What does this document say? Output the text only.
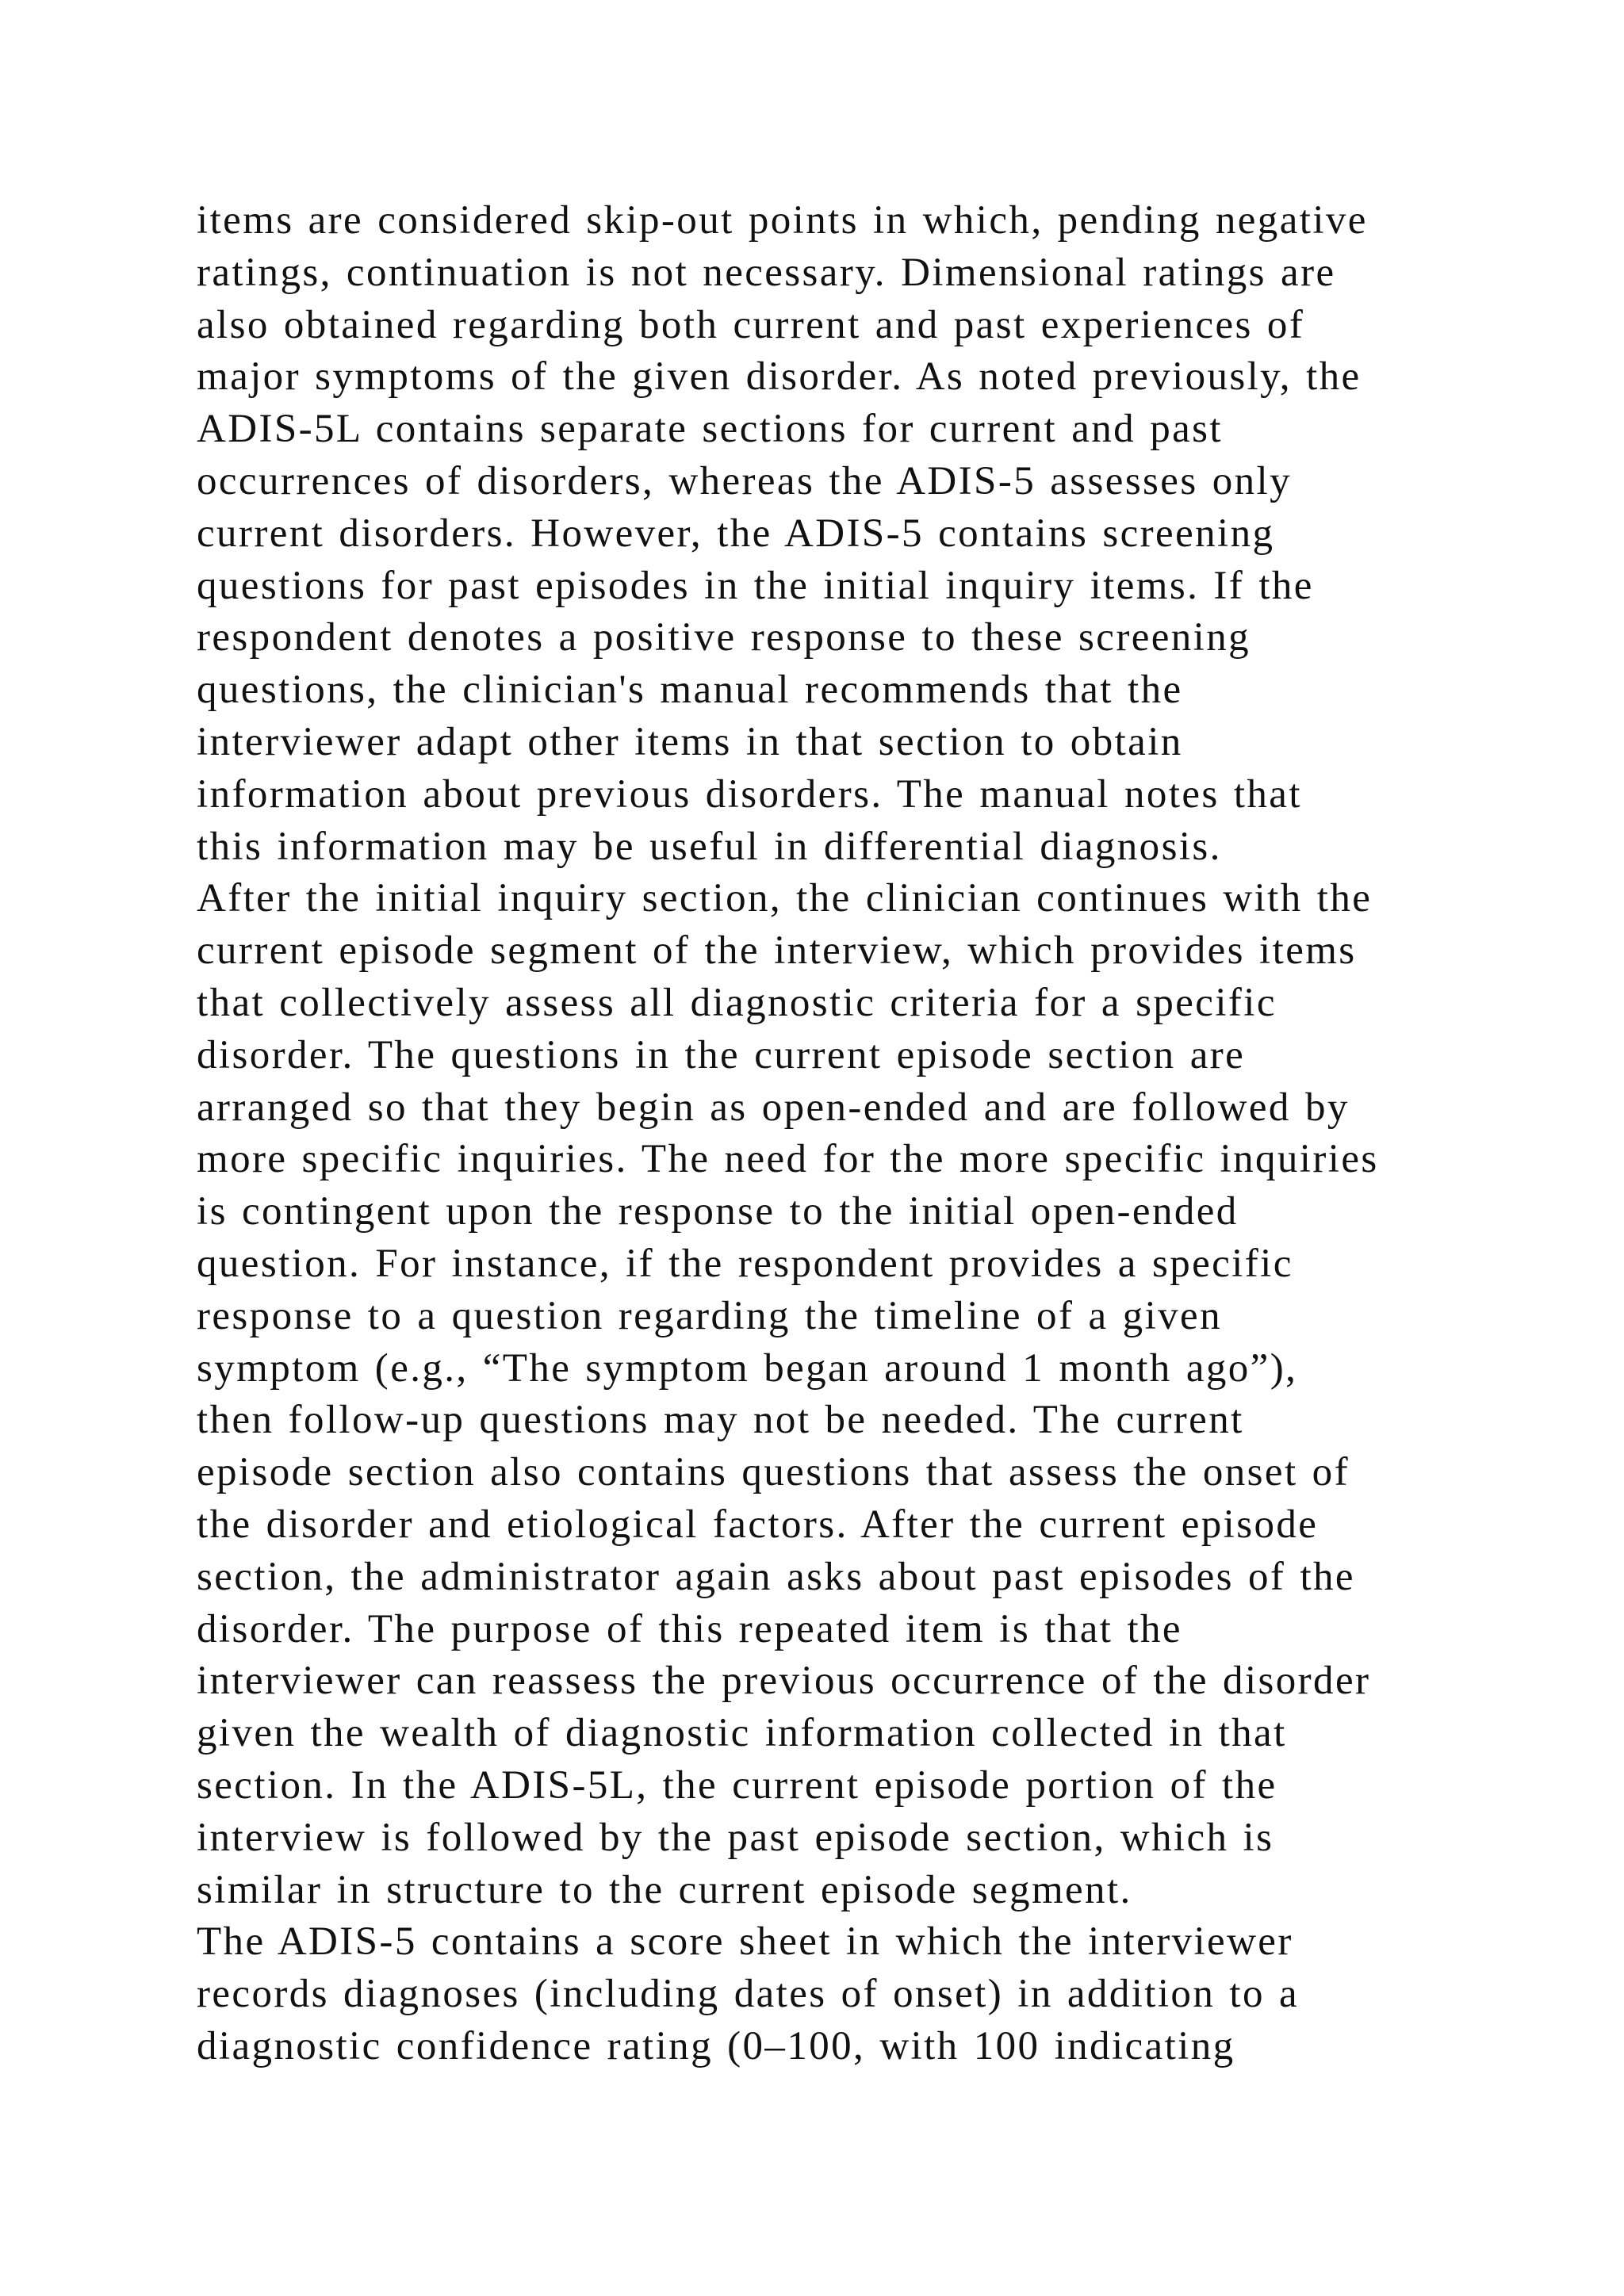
items are considered skip-out points in which, pending negative
ratings, continuation is not necessary. Dimensional ratings are
also obtained regarding both current and past experiences of
major symptoms of the given disorder. As noted previously, the
ADIS-5L contains separate sections for current and past
occurrences of disorders, whereas the ADIS-5 assesses only
current disorders. However, the ADIS-5 contains screening
questions for past episodes in the initial inquiry items. If the
respondent denotes a positive response to these screening
questions, the clinician's manual recommends that the
interviewer adapt other items in that section to obtain
information about previous disorders. The manual notes that
this information may be useful in differential diagnosis.
After the initial inquiry section, the clinician continues with the
current episode segment of the interview, which provides items
that collectively assess all diagnostic criteria for a specific
disorder. The questions in the current episode section are
arranged so that they begin as open-ended and are followed by
more specific inquiries. The need for the more specific inquiries
is contingent upon the response to the initial open-ended
question. For instance, if the respondent provides a specific
response to a question regarding the timeline of a given
symptom (e.g., “The symptom began around 1 month ago”),
then follow-up questions may not be needed. The current
episode section also contains questions that assess the onset of
the disorder and etiological factors. After the current episode
section, the administrator again asks about past episodes of the
disorder. The purpose of this repeated item is that the
interviewer can reassess the previous occurrence of the disorder
given the wealth of diagnostic information collected in that
section. In the ADIS-5L, the current episode portion of the
interview is followed by the past episode section, which is
similar in structure to the current episode segment.
The ADIS-5 contains a score sheet in which the interviewer
records diagnoses (including dates of onset) in addition to a
diagnostic confidence rating (0–100, with 100 indicating
